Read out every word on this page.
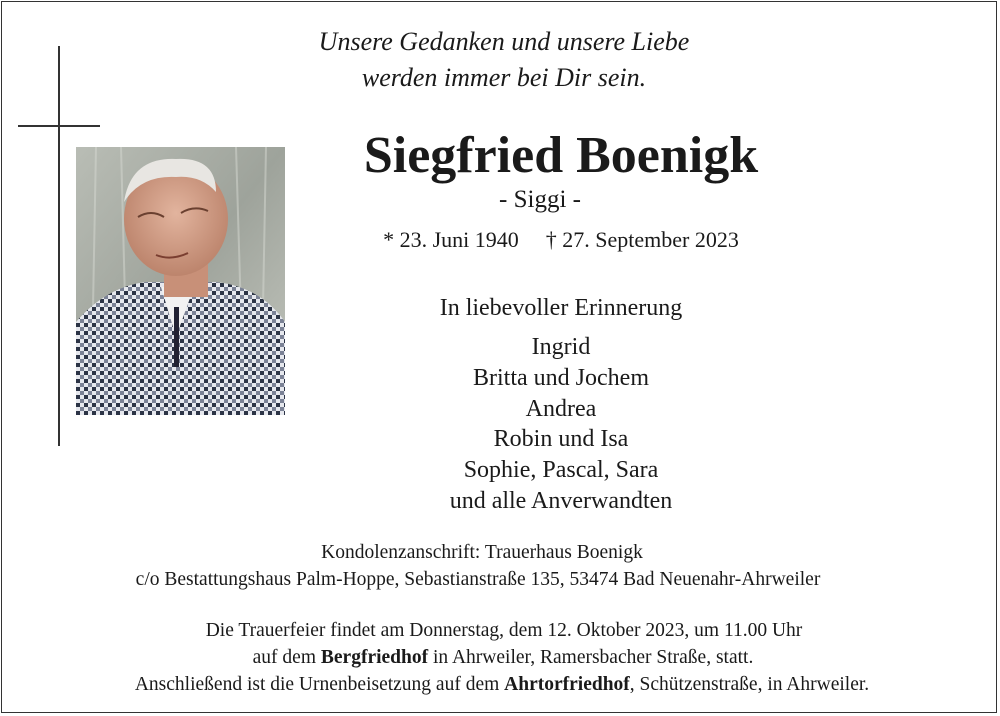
Unsere Gedanken und unsere Liebe
werden immer bei Dir sein.
Siegfried Boenigk
- Siggi -
* 23. Juni 1940 † 27. September 2023
In liebevoller Erinnerung
Ingrid
Britta und Jochem
Andrea
Robin und Isa
Sophie, Pascal, Sara
und alle Anverwandten
Kondolenzanschrift: Trauerhaus Boenigk
c/o Bestattungshaus Palm-Hoppe, Sebastianstraße 135, 53474 Bad Neuenahr-Ahrweiler
Die Trauerfeier findet am Donnerstag, dem 12. Oktober 2023, um 11.00 Uhr
auf dem Bergfriedhof in Ahrweiler, Ramersbacher Straße, statt.
Anschließend ist die Urnenbeisetzung auf dem Ahrtorfriedhof, Schützenstraße, in Ahrweiler.
